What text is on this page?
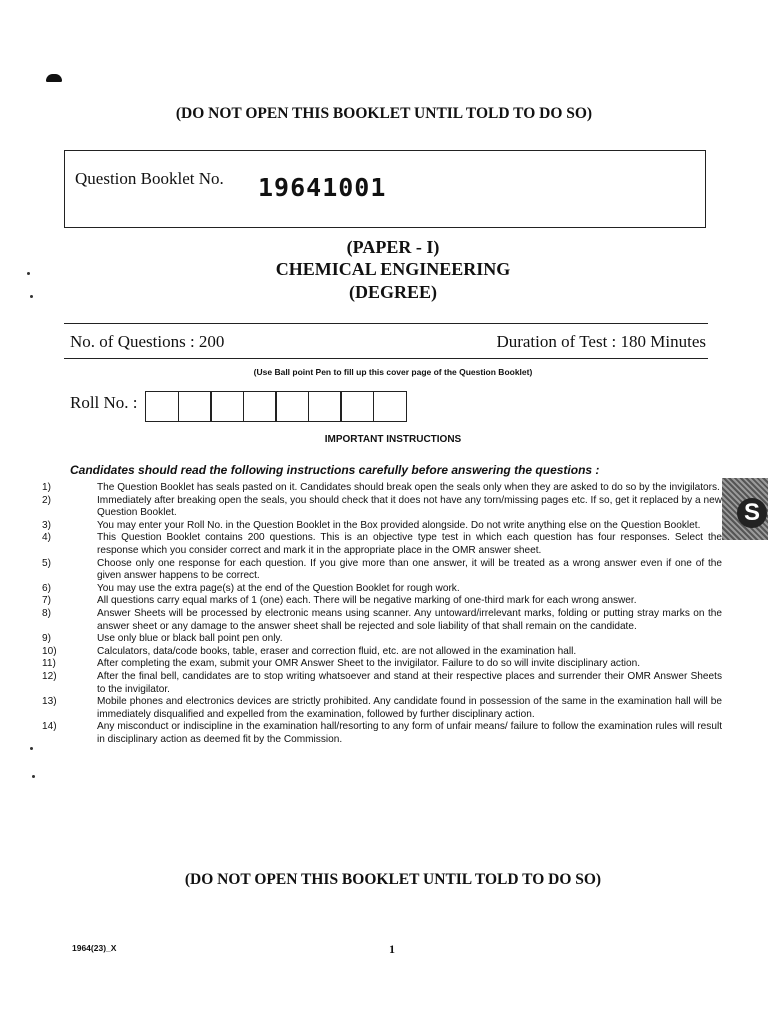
(DO NOT OPEN THIS BOOKLET UNTIL TOLD TO DO SO)
Question Booklet No. 19641001
(PAPER - I)
CHEMICAL ENGINEERING
(DEGREE)
No. of Questions : 200	Duration of Test : 180 Minutes
(Use Ball point Pen to fill up this cover page of the Question Booklet)
Roll No. :
IMPORTANT INSTRUCTIONS
Candidates should read the following instructions carefully before answering the questions :
1)	The Question Booklet has seals pasted on it. Candidates should break open the seals only when they are asked to do so by the invigilators.
2)	Immediately after breaking open the seals, you should check that it does not have any torn/missing pages etc. If so, get it replaced by a new Question Booklet.
3)	You may enter your Roll No. in the Question Booklet in the Box provided alongside. Do not write anything else on the Question Booklet.
4)	This Question Booklet contains 200 questions. This is an objective type test in which each question has four responses. Select the response which you consider correct and mark it in the appropriate place in the OMR answer sheet.
5)	Choose only one response for each question. If you give more than one answer, it will be treated as a wrong answer even if one of the given answer happens to be correct.
6)	You may use the extra page(s) at the end of the Question Booklet for rough work.
7)	All questions carry equal marks of 1 (one) each. There will be negative marking of one-third mark for each wrong answer.
8)	Answer Sheets will be processed by electronic means using scanner. Any untoward/irrelevant marks, folding or putting stray marks on the answer sheet or any damage to the answer sheet shall be rejected and sole liability of that shall remain on the candidate.
9)	Use only blue or black ball point pen only.
10)	Calculators, data/code books, table, eraser and correction fluid, etc. are not allowed in the examination hall.
11)	After completing the exam, submit your OMR Answer Sheet to the invigilator. Failure to do so will invite disciplinary action.
12)	After the final bell, candidates are to stop writing whatsoever and stand at their respective places and surrender their OMR Answer Sheets to the invigilator.
13)	Mobile phones and electronics devices are strictly prohibited. Any candidate found in possession of the same in the examination hall will be immediately disqualified and expelled from the examination, followed by further disciplinary action.
14)	Any misconduct or indiscipline in the examination hall/resorting to any form of unfair means/ failure to follow the examination rules will result in disciplinary action as deemed fit by the Commission.
S
(DO NOT OPEN THIS BOOKLET UNTIL TOLD TO DO SO)
1964(23)_X	1
